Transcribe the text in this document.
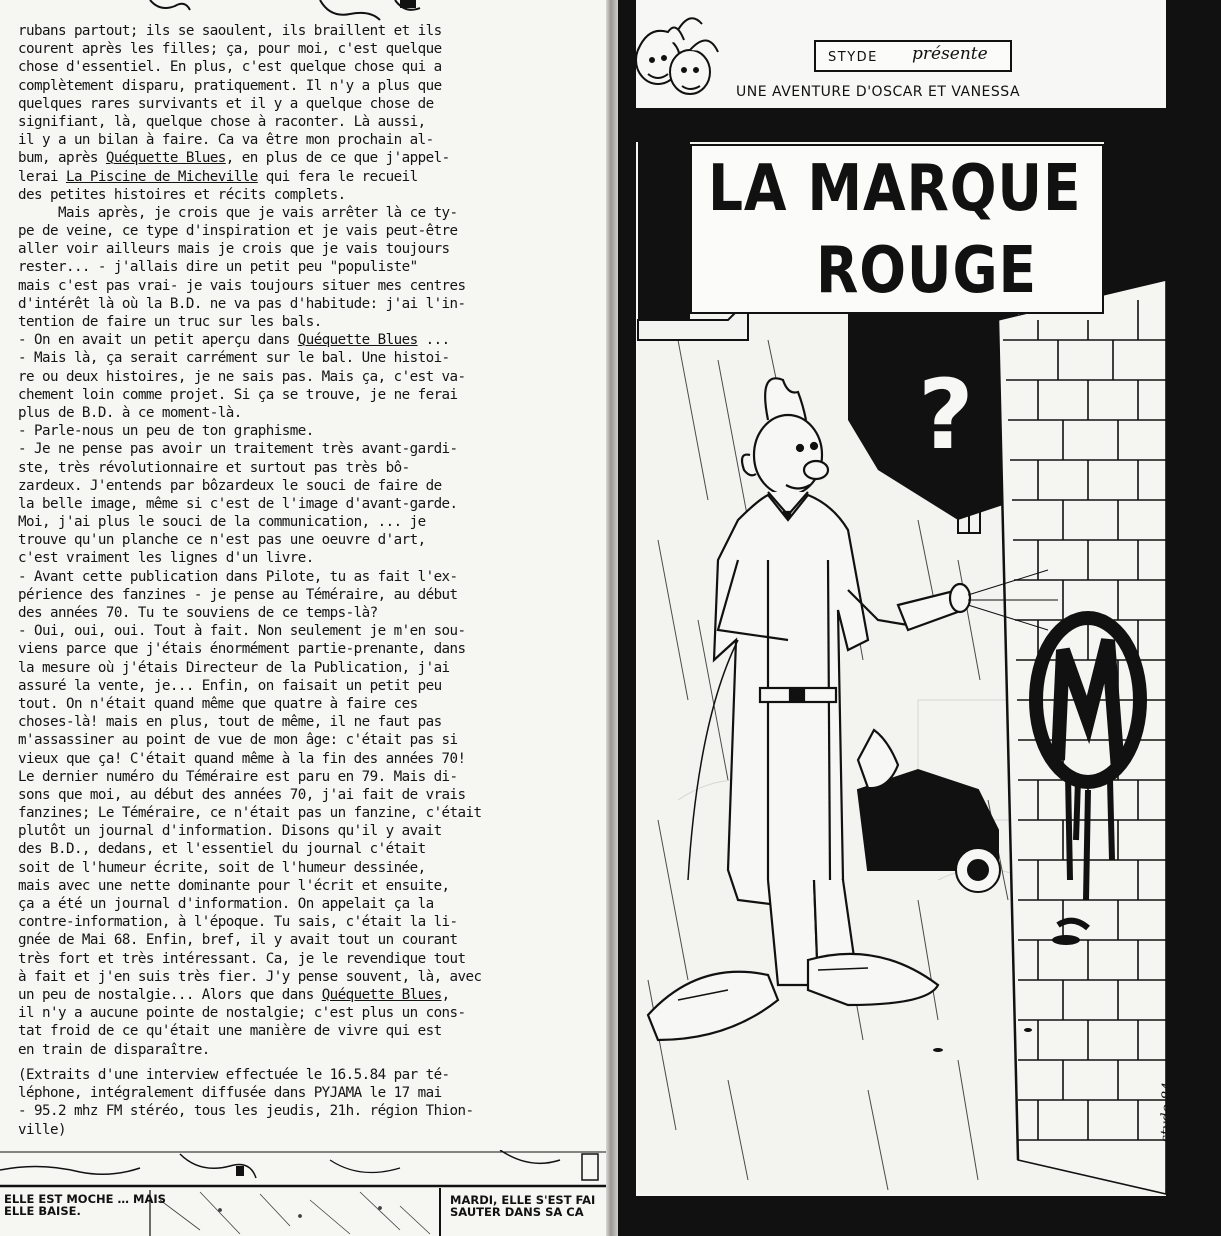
rubans partout; ils se saoulent, ils braillent et ils
courent après les filles; ça, pour moi, c'est quelque
chose d'essentiel. En plus, c'est quelque chose qui a
complètement disparu, pratiquement. Il n'y a plus que
quelques rares survivants et il y a quelque chose de
signifiant, là, quelque chose à raconter. Là aussi,
il y a un bilan à faire. Ca va être mon prochain al-
bum, après Quéquette Blues, en plus de ce que j'appel-
lerai La Piscine de Micheville qui fera le recueil
des petites histoires et récits complets.
Mais après, je crois que je vais arrêter là ce ty-
pe de veine, ce type d'inspiration et je vais peut-être
aller voir ailleurs mais je crois que je vais toujours
rester... - j'allais dire un petit peu "populiste"
mais c'est pas vrai- je vais toujours situer mes centres
d'intérêt là où la B.D. ne va pas d'habitude: j'ai l'in-
tention de faire un truc sur les bals.
- On en avait un petit aperçu dans Quéquette Blues ...
- Mais là, ça serait carrément sur le bal. Une histoi-
re ou deux histoires, je ne sais pas. Mais ça, c'est va-
chement loin comme projet. Si ça se trouve, je ne ferai
plus de B.D. à ce moment-là.
- Parle-nous un peu de ton graphisme.
- Je ne pense pas avoir un traitement très avant-gardi-
ste, très révolutionnaire et surtout pas très bô-
zardeux. J'entends par bôzardeux le souci de faire de
la belle image, même si c'est de l'image d'avant-garde.
Moi, j'ai plus le souci de la communication, ... je
trouve qu'un planche ce n'est pas une oeuvre d'art,
c'est vraiment les lignes d'un livre.
- Avant cette publication dans Pilote, tu as fait l'ex-
périence des fanzines - je pense au Téméraire, au début
des années 70. Tu te souviens de ce temps-là?
- Oui, oui, oui. Tout à fait. Non seulement je m'en sou-
viens parce que j'étais énormément partie-prenante, dans
la mesure où j'étais Directeur de la Publication, j'ai
assuré la vente, je... Enfin, on faisait un petit peu
tout. On n'était quand même que quatre à faire ces
choses-là! mais en plus, tout de même, il ne faut pas
m'assassiner au point de vue de mon âge: c'était pas si
vieux que ça! C'était quand même à la fin des années 70!
Le dernier numéro du Téméraire est paru en 79. Mais di-
sons que moi, au début des années 70, j'ai fait de vrais
fanzines; Le Téméraire, ce n'était pas un fanzine, c'était
plutôt un journal d'information. Disons qu'il y avait
des B.D., dedans, et l'essentiel du journal c'était
soit de l'humeur écrite, soit de l'humeur dessinée,
mais avec une nette dominante pour l'écrit et ensuite,
ça a été un journal d'information. On appelait ça la
contre-information, à l'époque. Tu sais, c'était la li-
gnée de Mai 68. Enfin, bref, il y avait tout un courant
très fort et très intéressant. Ca, je le revendique tout
à fait et j'en suis très fier. J'y pense souvent, là, avec
un peu de nostalgie... Alors que dans Quéquette Blues,
il n'y a aucune pointe de nostalgie; c'est plus un cons-
tat froid de ce qu'était une manière de vivre qui est
en train de disparaître.
(Extraits d'une interview effectuée le 16.5.84 par té-
léphone, intégralement diffusée dans PYJAMA le 17 mai
- 95.2 mhz FM stéréo, tous les jeudis, 21h. région Thion-
ville)
ELLE EST MOCHE … MAIS
ELLE BAISE.
MARDI, ELLE S'EST FAI
SAUTER DANS SA CA
?
STYDE présente
UNE AVENTURE D'OSCAR ET VANESSA
LA MARQUE
ROUGE
styde 84
